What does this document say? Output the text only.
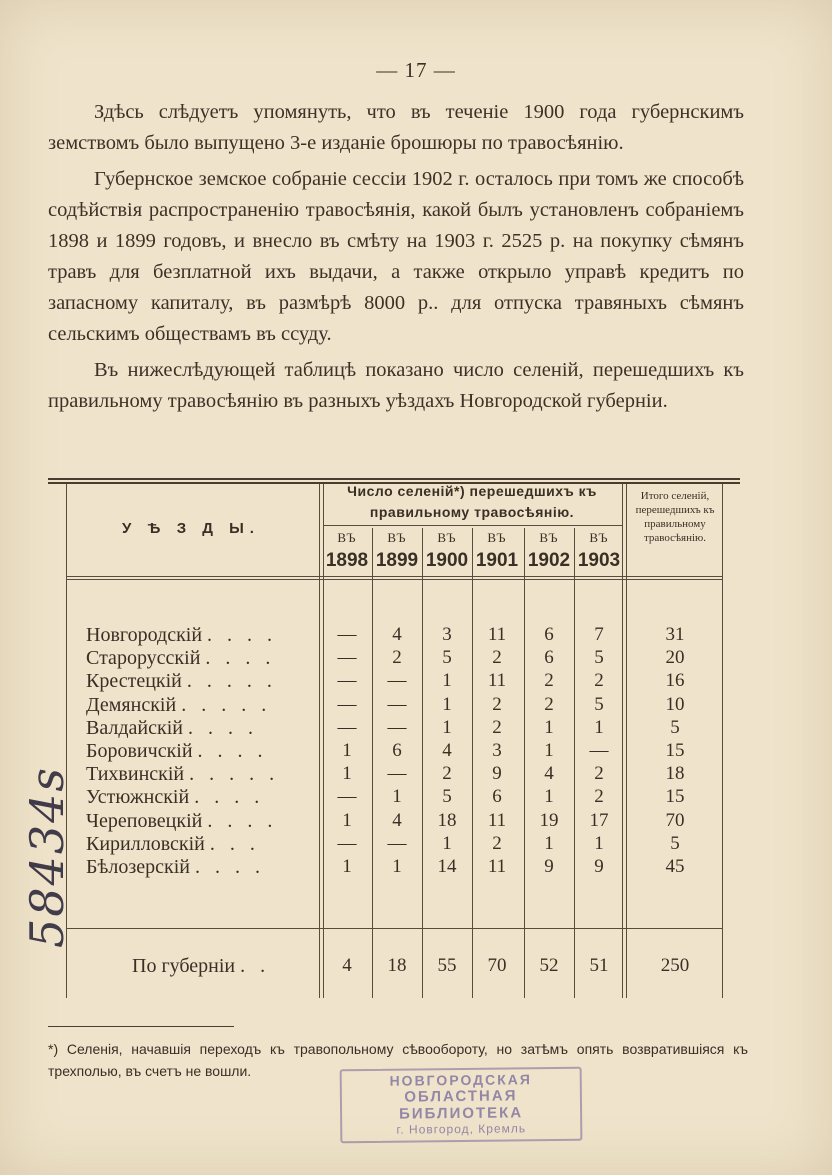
— 17 —

Здѣсь слѣдуетъ упомянуть, что въ теченіе 1900 года губернскимъ земствомъ было выпущено 3-е изданіе брошюры по травосѣянію.

Губернское земское собраніе сессіи 1902 г. осталось при томъ же способѣ содѣйствія распространенію травосѣянія, какой былъ установленъ собраніемъ 1898 и 1899 годовъ, и внесло въ смѣту на 1903 г. 2525 р. на покупку сѣмянъ травъ для безплатной ихъ выдачи, а также открыло управѣ кредитъ по запасному капиталу, въ размѣрѣ 8000 р.. для отпуска травяныхъ сѣмянъ сельскимъ обществамъ въ ссуду.

Въ нижеслѣдующей таблицѣ показано число селеній, перешедшихъ къ правильному травосѣянію въ разныхъ уѣздахъ Новгородской губерніи.

У Ѣ З Д Ы.
Число селеній*) перешедшихъ къ правильному травосѣянію.
Итого селеній, перешедшихъ къ правильному травосѣянію.
ВЪ
1898
ВЪ
1899
ВЪ
1900
ВЪ
1901
ВЪ
1902
ВЪ
1903
Новгородскій . . . .	—	4	3	11	6	7	31
Старорусскій . . . .	—	2	5	2	6	5	20
Крестецкій . . . . .	—	—	1	11	2	2	16
Демянскій . . . . .	—	—	1	2	2	5	10
Валдайскій . . . .	—	—	1	2	1	1	5
Боровичскій . . . .	1	6	4	3	1	—	15
Тихвинскій . . . . .	1	—	2	9	4	2	18
Устюжнскій . . . .	—	1	5	6	1	2	15
Череповецкій . . . .	1	4	18	11	19	17	70
Кирилловскій . . .	—	—	1	2	1	1	5
Бѣлозерскій . . . .	1	1	14	11	9	9	45
По губерніи . .	4	18	55	70	52	51	250
*) Селенія, начавшія переходъ къ травопольному сѣвообороту, но затѣмъ опять возвратившіяся къ трехполью, въ счетъ не вошли.
НОВГОРОДСКАЯ
ОБЛАСТНАЯ БИБЛИОТЕКА
г. Новгород, Кремль
58434s
